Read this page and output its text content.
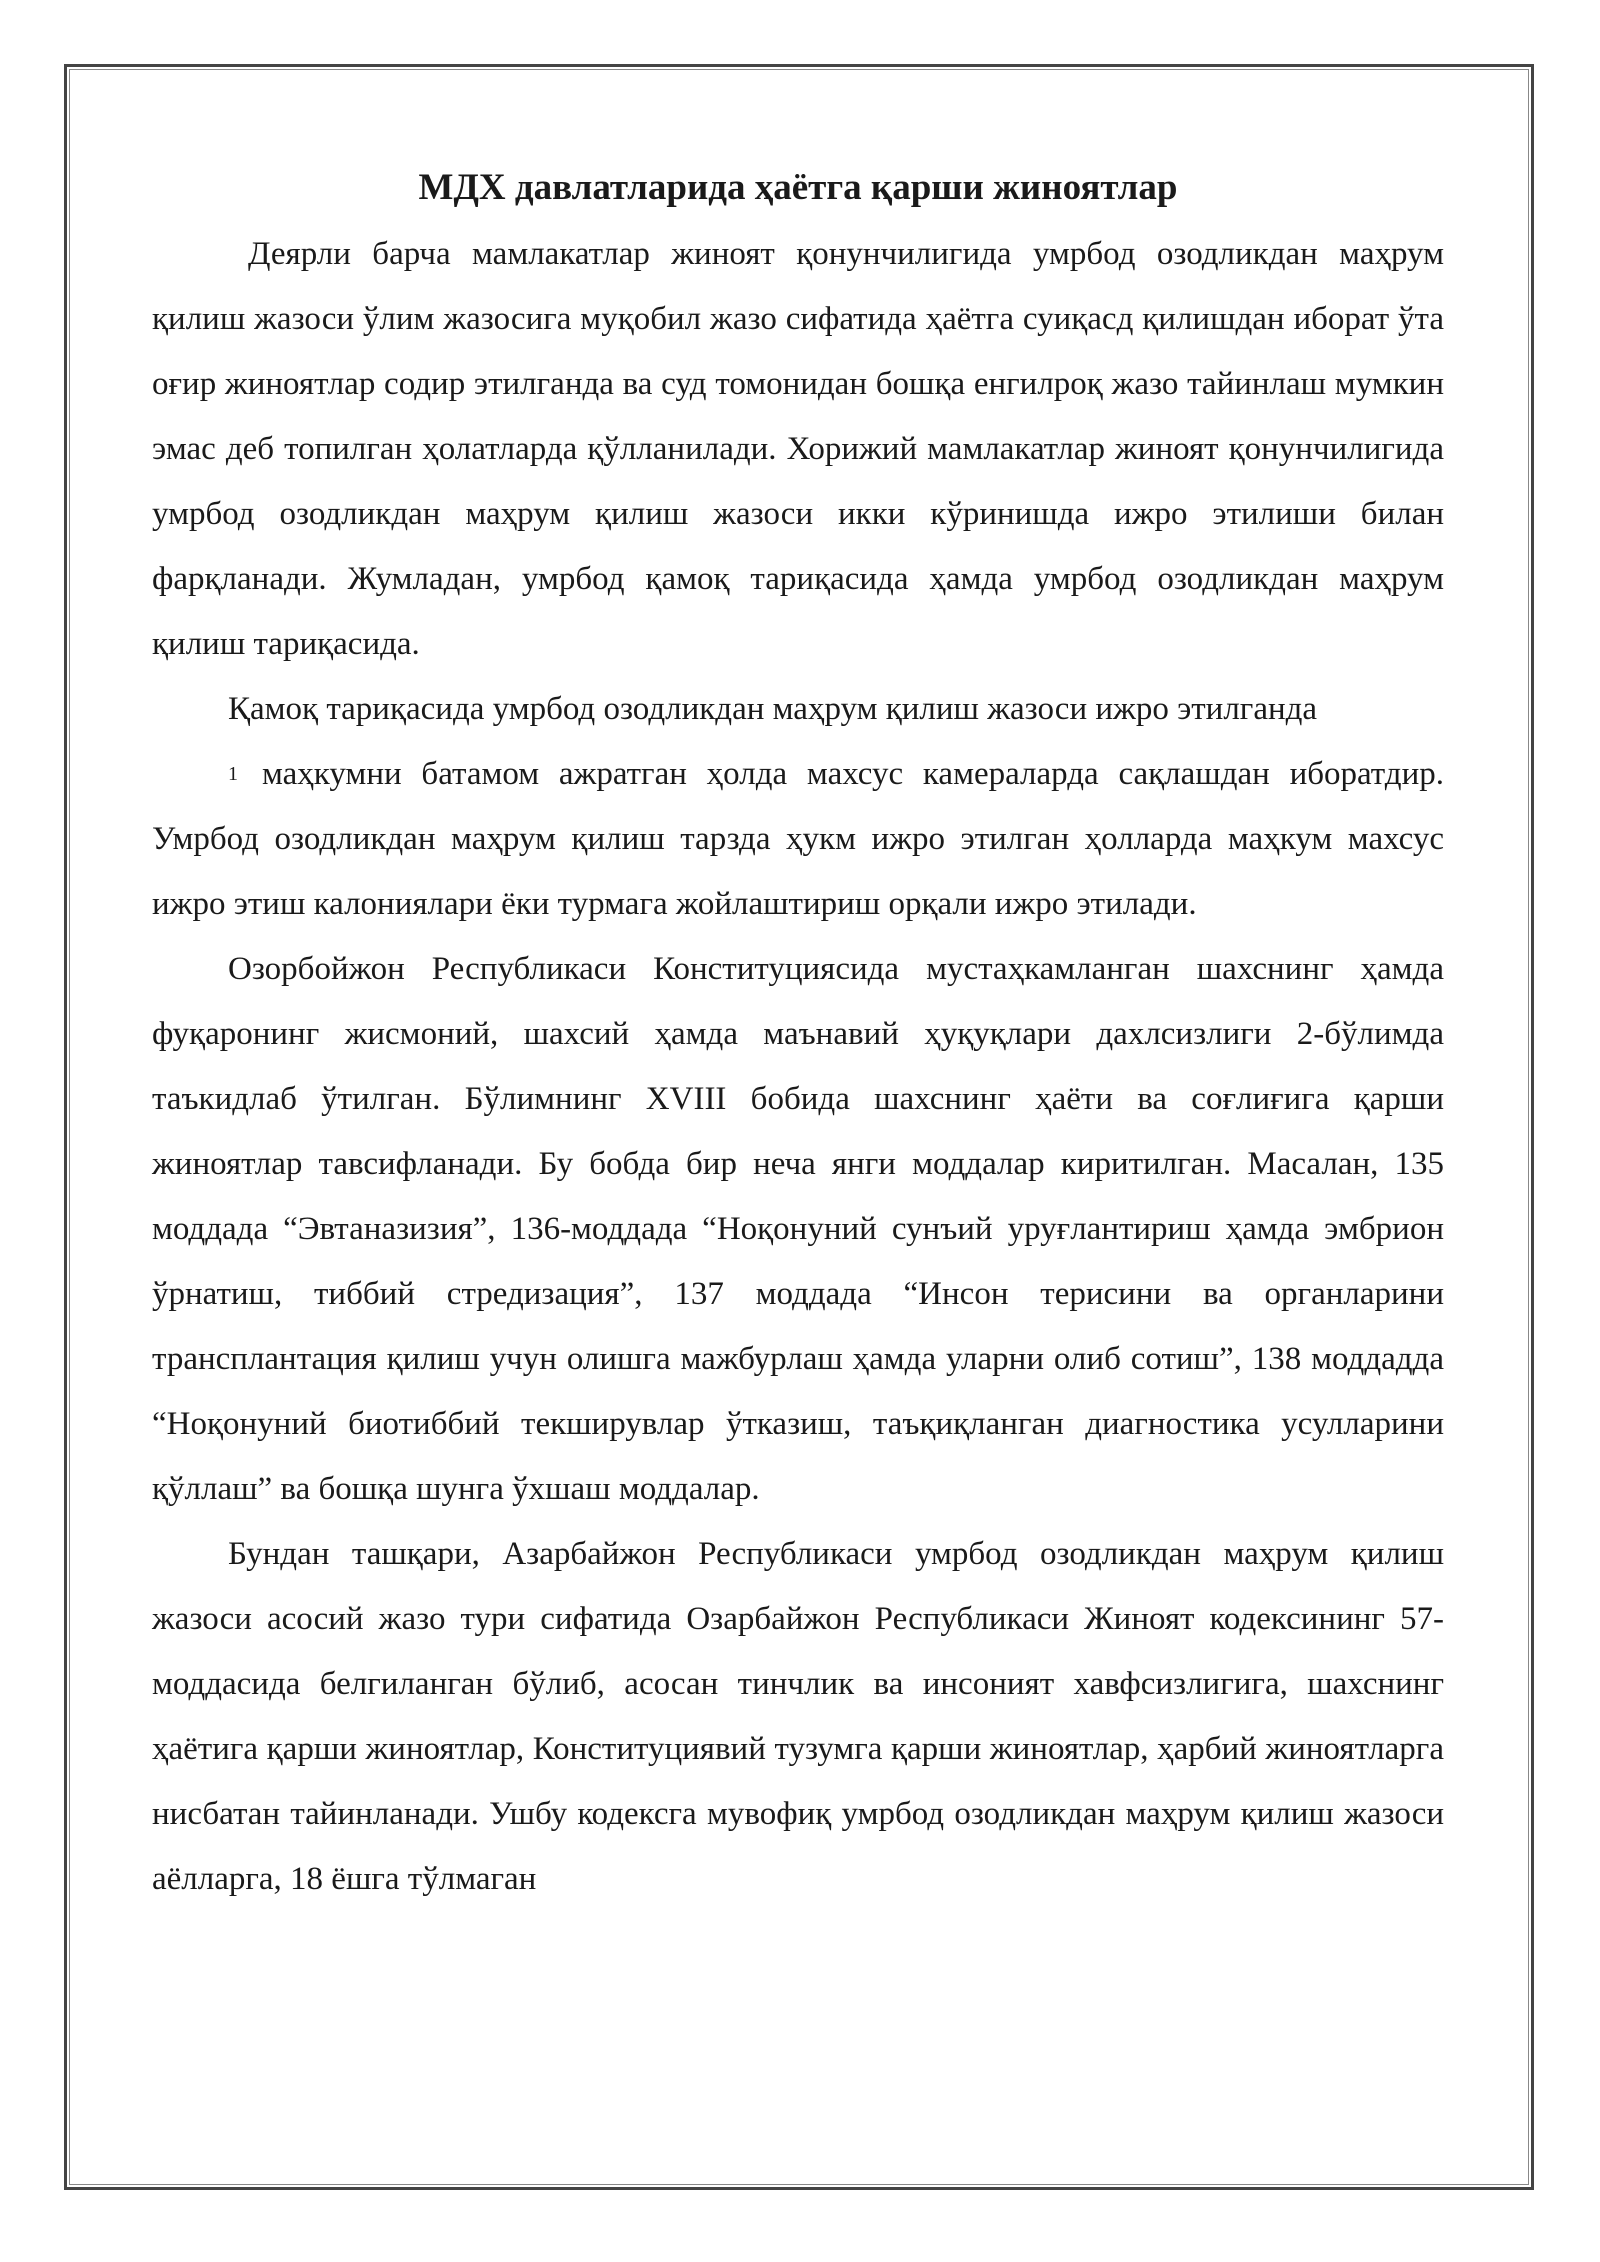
МДХ давлатларида ҳаётга қарши жиноятлар

Деярли барча мамлакатлар жиноят қонунчилигида умрбод озодликдан маҳрум қилиш жазоси ўлим жазосига муқобил жазо сифатида ҳаётга суиқасд қилишдан иборат ўта оғир жиноятлар содир этилганда ва суд томонидан бошқа енгилроқ жазо тайинлаш мумкин эмас деб топилган ҳолатларда қўлланилади. Хорижий мамлакатлар жиноят қонунчилигида умрбод озодликдан маҳрум қилиш жазоси икки кўринишда ижро этилиши билан фарқланади. Жумладан, умрбод қамоқ тариқасида ҳамда умрбод озодликдан маҳрум қилиш тариқасида.

Қамоқ тариқасида умрбод озодликдан маҳрум қилиш жазоси ижро этилганда

1 маҳкумни батамом ажратган ҳолда махсус камераларда сақлашдан иборатдир. Умрбод озодликдан маҳрум қилиш тарзда ҳукм ижро этилган ҳолларда маҳкум махсус ижро этиш калониялари ёки турмага жойлаштириш орқали ижро этилади.

Озорбойжон Республикаси Конституциясида мустаҳкамланган шахснинг ҳамда фуқаронинг жисмоний, шахсий ҳамда маънавий ҳуқуқлари дахлсизлиги 2-бўлимда таъкидлаб ўтилган. Бўлимнинг XVIII бобида шахснинг ҳаёти ва соғлиғига қарши жиноятлар тавсифланади. Бу бобда бир неча янги моддалар киритилган. Масалан, 135 моддада “Эвтаназизия”, 136-моддада “Ноқонуний сунъий уруғлантириш ҳамда эмбрион ўрнатиш, тиббий стредизация”, 137 моддада “Инсон терисини ва органларини трансплантация қилиш учун олишга мажбурлаш ҳамда уларни олиб сотиш”, 138 моддадда “Ноқонуний биотиббий текширувлар ўтказиш, таъқиқланган диагностика усулларини қўллаш” ва бошқа шунга ўхшаш моддалар.

Бундан ташқари, Азарбайжон Республикаси умрбод озодликдан маҳрум қилиш жазоси асосий жазо тури сифатида Озарбайжон Республикаси Жиноят кодексининг 57-моддасида белгиланган бўлиб, асосан тинчлик ва инсоният хавфсизлигига, шахснинг ҳаётига қарши жиноятлар, Конституциявий тузумга қарши жиноятлар, ҳарбий жиноятларга нисбатан тайинланади. Ушбу кодексга мувофиқ умрбод озодликдан маҳрум қилиш жазоси аёлларга, 18 ёшга тўлмаган
